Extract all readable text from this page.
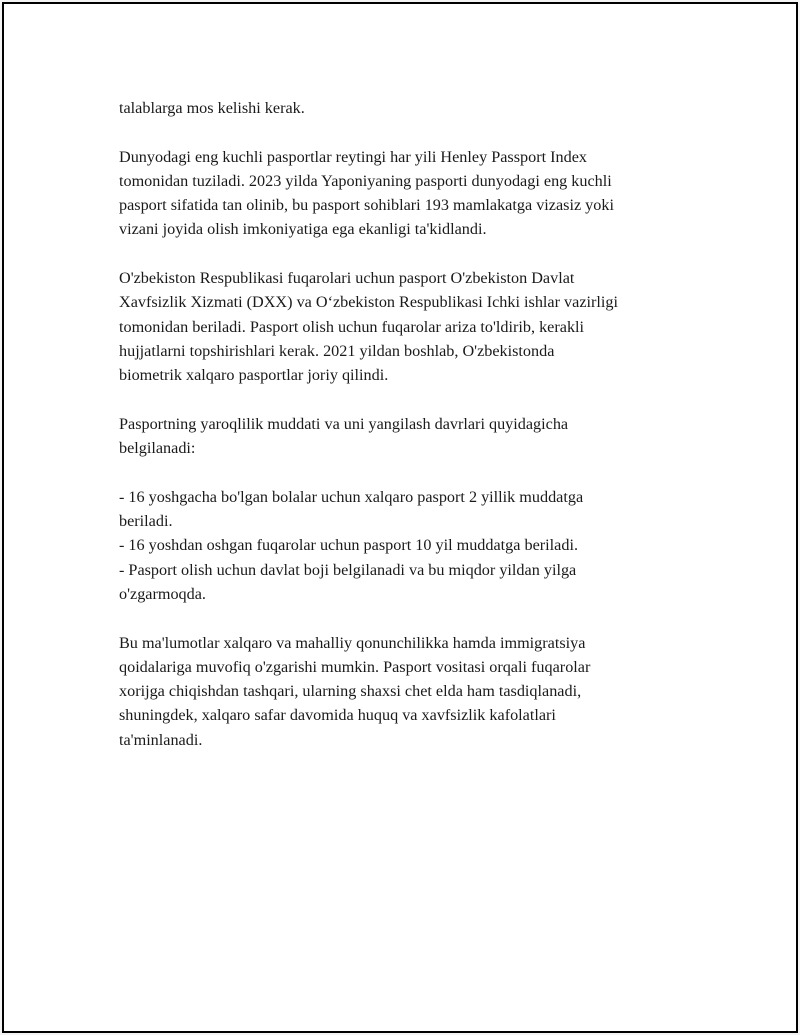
talablarga mos kelishi kerak.

Dunyodagi eng kuchli pasportlar reytingi har yili Henley Passport Index
tomonidan tuziladi. 2023 yilda Yaponiyaning pasporti dunyodagi eng kuchli
pasport sifatida tan olinib, bu pasport sohiblari 193 mamlakatga vizasiz yoki
vizani joyida olish imkoniyatiga ega ekanligi ta'kidlandi.

O'zbekiston Respublikasi fuqarolari uchun pasport O'zbekiston Davlat
Xavfsizlik Xizmati (DXX) va O‘zbekiston Respublikasi Ichki ishlar vazirligi
tomonidan beriladi. Pasport olish uchun fuqarolar ariza to'ldirib, kerakli
hujjatlarni topshirishlari kerak. 2021 yildan boshlab, O'zbekistonda
biometrik xalqaro pasportlar joriy qilindi.

Pasportning yaroqlilik muddati va uni yangilash davrlari quyidagicha
belgilanadi:

- 16 yoshgacha bo'lgan bolalar uchun xalqaro pasport 2 yillik muddatga
beriladi.
- 16 yoshdan oshgan fuqarolar uchun pasport 10 yil muddatga beriladi.
- Pasport olish uchun davlat boji belgilanadi va bu miqdor yildan yilga
o'zgarmoqda.

Bu ma'lumotlar xalqaro va mahalliy qonunchilikka hamda immigratsiya
qoidalariga muvofiq o'zgarishi mumkin. Pasport vositasi orqali fuqarolar
xorijga chiqishdan tashqari, ularning shaxsi chet elda ham tasdiqlanadi,
shuningdek, xalqaro safar davomida huquq va xavfsizlik kafolatlari
ta'minlanadi.
